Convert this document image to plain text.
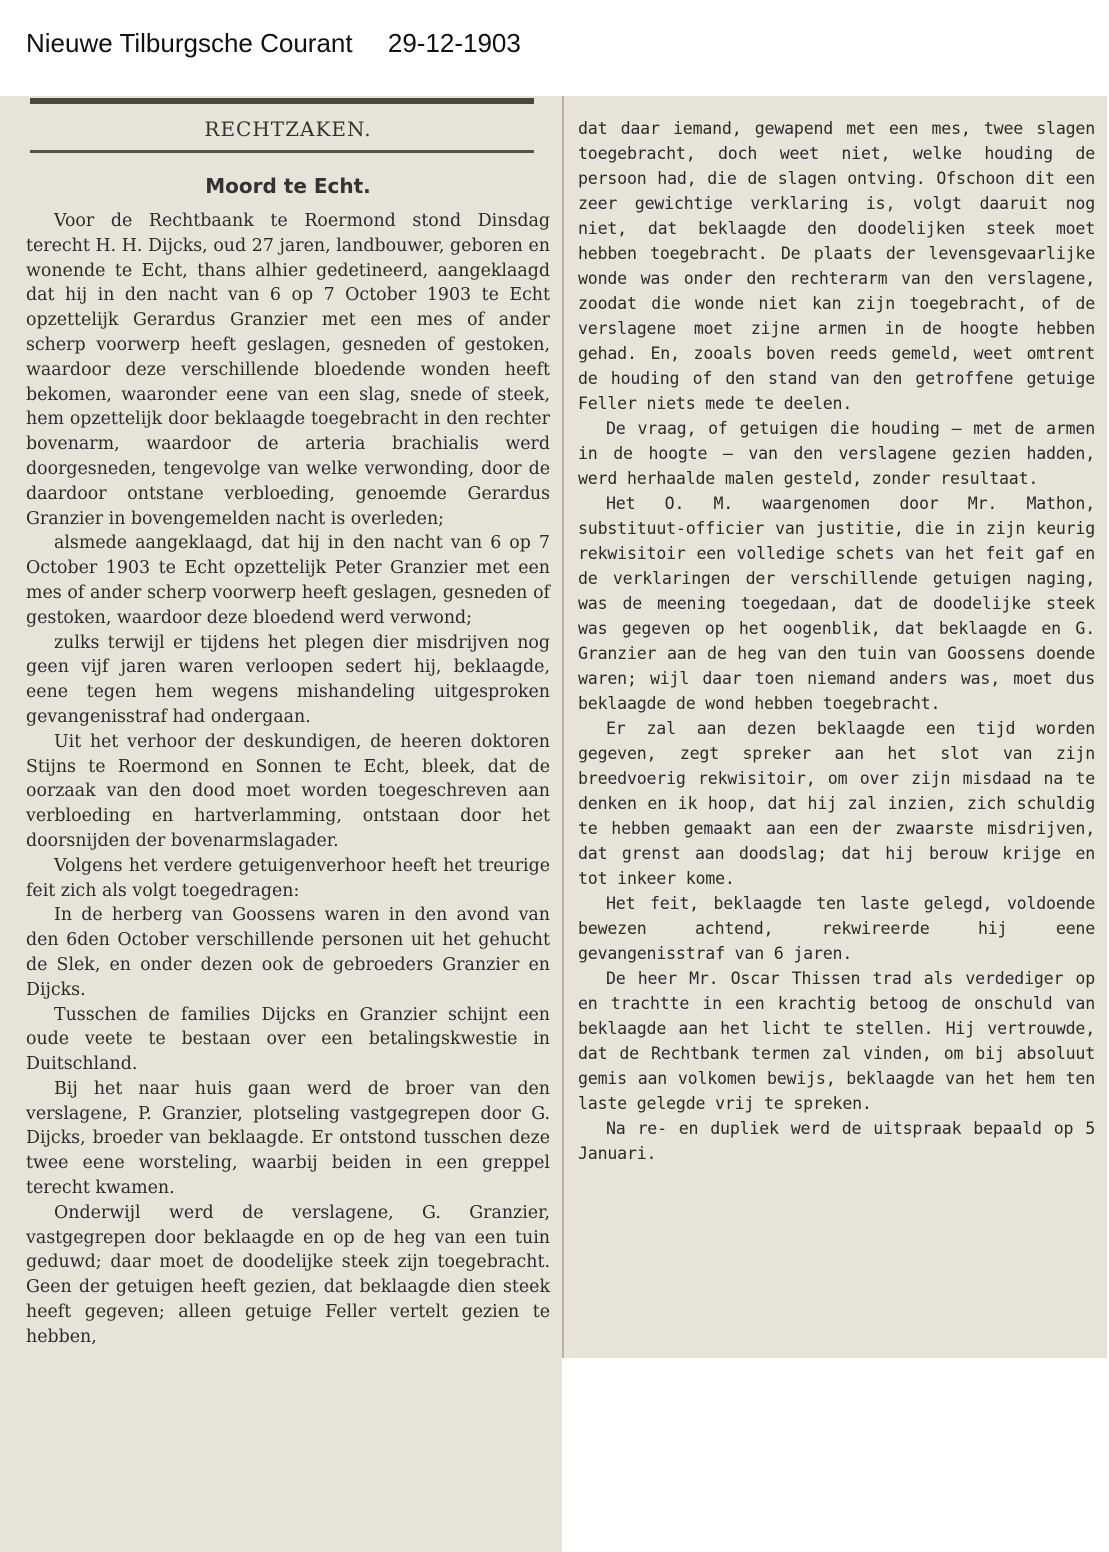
Nieuwe Tilburgsche Courant 29-12-1903
RECHTZAKEN.
Moord te Echt.

Voor de Rechtbaank te Roermond stond Dinsdag terecht H. H. Dijcks, oud 27 jaren, landbouwer, geboren en wonende te Echt, thans alhier gedetineerd, aangeklaagd dat hij in den nacht van 6 op 7 October 1903 te Echt opzettelijk Gerardus Granzier met een mes of ander scherp voorwerp heeft geslagen, gesneden of gestoken, waardoor deze verschillende bloedende wonden heeft bekomen, waaronder eene van een slag, snede of steek, hem opzettelijk door beklaagde toegebracht in den rechter bovenarm, waardoor de arteria brachialis werd doorgesneden, tengevolge van welke verwonding, door de daardoor ontstane verbloeding, genoemde Gerardus Granzier in bovengemelden nacht is overleden;

alsmede aangeklaagd, dat hij in den nacht van 6 op 7 October 1903 te Echt opzettelijk Peter Granzier met een mes of ander scherp voorwerp heeft geslagen, gesneden of gestoken, waardoor deze bloedend werd verwond;

zulks terwijl er tijdens het plegen dier misdrijven nog geen vijf jaren waren verloopen sedert hij, beklaagde, eene tegen hem wegens mishandeling uitgesproken gevangenisstraf had ondergaan.

Uit het verhoor der deskundigen, de heeren doktoren Stijns te Roermond en Sonnen te Echt, bleek, dat de oorzaak van den dood moet worden toegeschreven aan verbloeding en hartverlamming, ontstaan door het doorsnijden der bovenarmslagader.

Volgens het verdere getuigenverhoor heeft het treurige feit zich als volgt toegedragen:

In de herberg van Goossens waren in den avond van den 6den October verschillende personen uit het gehucht de Slek, en onder dezen ook de gebroeders Granzier en Dijcks.

Tusschen de families Dijcks en Granzier schijnt een oude veete te bestaan over een betalingskwestie in Duitschland.

Bij het naar huis gaan werd de broer van den verslagene, P. Granzier, plotseling vastgegrepen door G. Dijcks, broeder van beklaagde. Er ontstond tusschen deze twee eene worsteling, waarbij beiden in een greppel terecht kwamen.

Onderwijl werd de verslagene, G. Granzier, vastgegrepen door beklaagde en op de heg van een tuin geduwd; daar moet de doodelijke steek zijn toegebracht. Geen der getuigen heeft gezien, dat beklaagde dien steek heeft gegeven; alleen getuige Feller vertelt gezien te hebben,

dat daar iemand, gewapend met een mes, twee slagen toegebracht, doch weet niet, welke houding de persoon had, die de slagen ontving. Ofschoon dit een zeer gewichtige verklaring is, volgt daaruit nog niet, dat beklaagde den doodelijken steek moet hebben toegebracht. De plaats der levensgevaarlijke wonde was onder den rechterarm van den verslagene, zoodat die wonde niet kan zijn toegebracht, of de verslagene moet zijne armen in de hoogte hebben gehad. En, zooals boven reeds gemeld, weet omtrent de houding of den stand van den getroffene getuige Feller niets mede te deelen.

De vraag, of getuigen die houding — met de armen in de hoogte — van den verslagene gezien hadden, werd herhaalde malen gesteld, zonder resultaat.

Het O. M. waargenomen door Mr. Mathon, substituut-officier van justitie, die in zijn keurig rekwisitoir een volledige schets van het feit gaf en de verklaringen der verschillende getuigen naging, was de meening toegedaan, dat de doodelijke steek was gegeven op het oogenblik, dat beklaagde en G. Granzier aan de heg van den tuin van Goossens doende waren; wijl daar toen niemand anders was, moet dus beklaagde de wond hebben toegebracht.

Er zal aan dezen beklaagde een tijd worden gegeven, zegt spreker aan het slot van zijn breedvoerig rekwisitoir, om over zijn misdaad na te denken en ik hoop, dat hij zal inzien, zich schuldig te hebben gemaakt aan een der zwaarste misdrijven, dat grenst aan doodslag; dat hij berouw krijge en tot inkeer kome.

Het feit, beklaagde ten laste gelegd, voldoende bewezen achtend, rekwireerde hij eene gevangenisstraf van 6 jaren.

De heer Mr. Oscar Thissen trad als verdediger op en trachtte in een krachtig betoog de onschuld van beklaagde aan het licht te stellen. Hij vertrouwde, dat de Rechtbank termen zal vinden, om bij absoluut gemis aan volkomen bewijs, beklaagde van het hem ten laste gelegde vrij te spreken.

Na re- en dupliek werd de uitspraak bepaald op 5 Januari.
